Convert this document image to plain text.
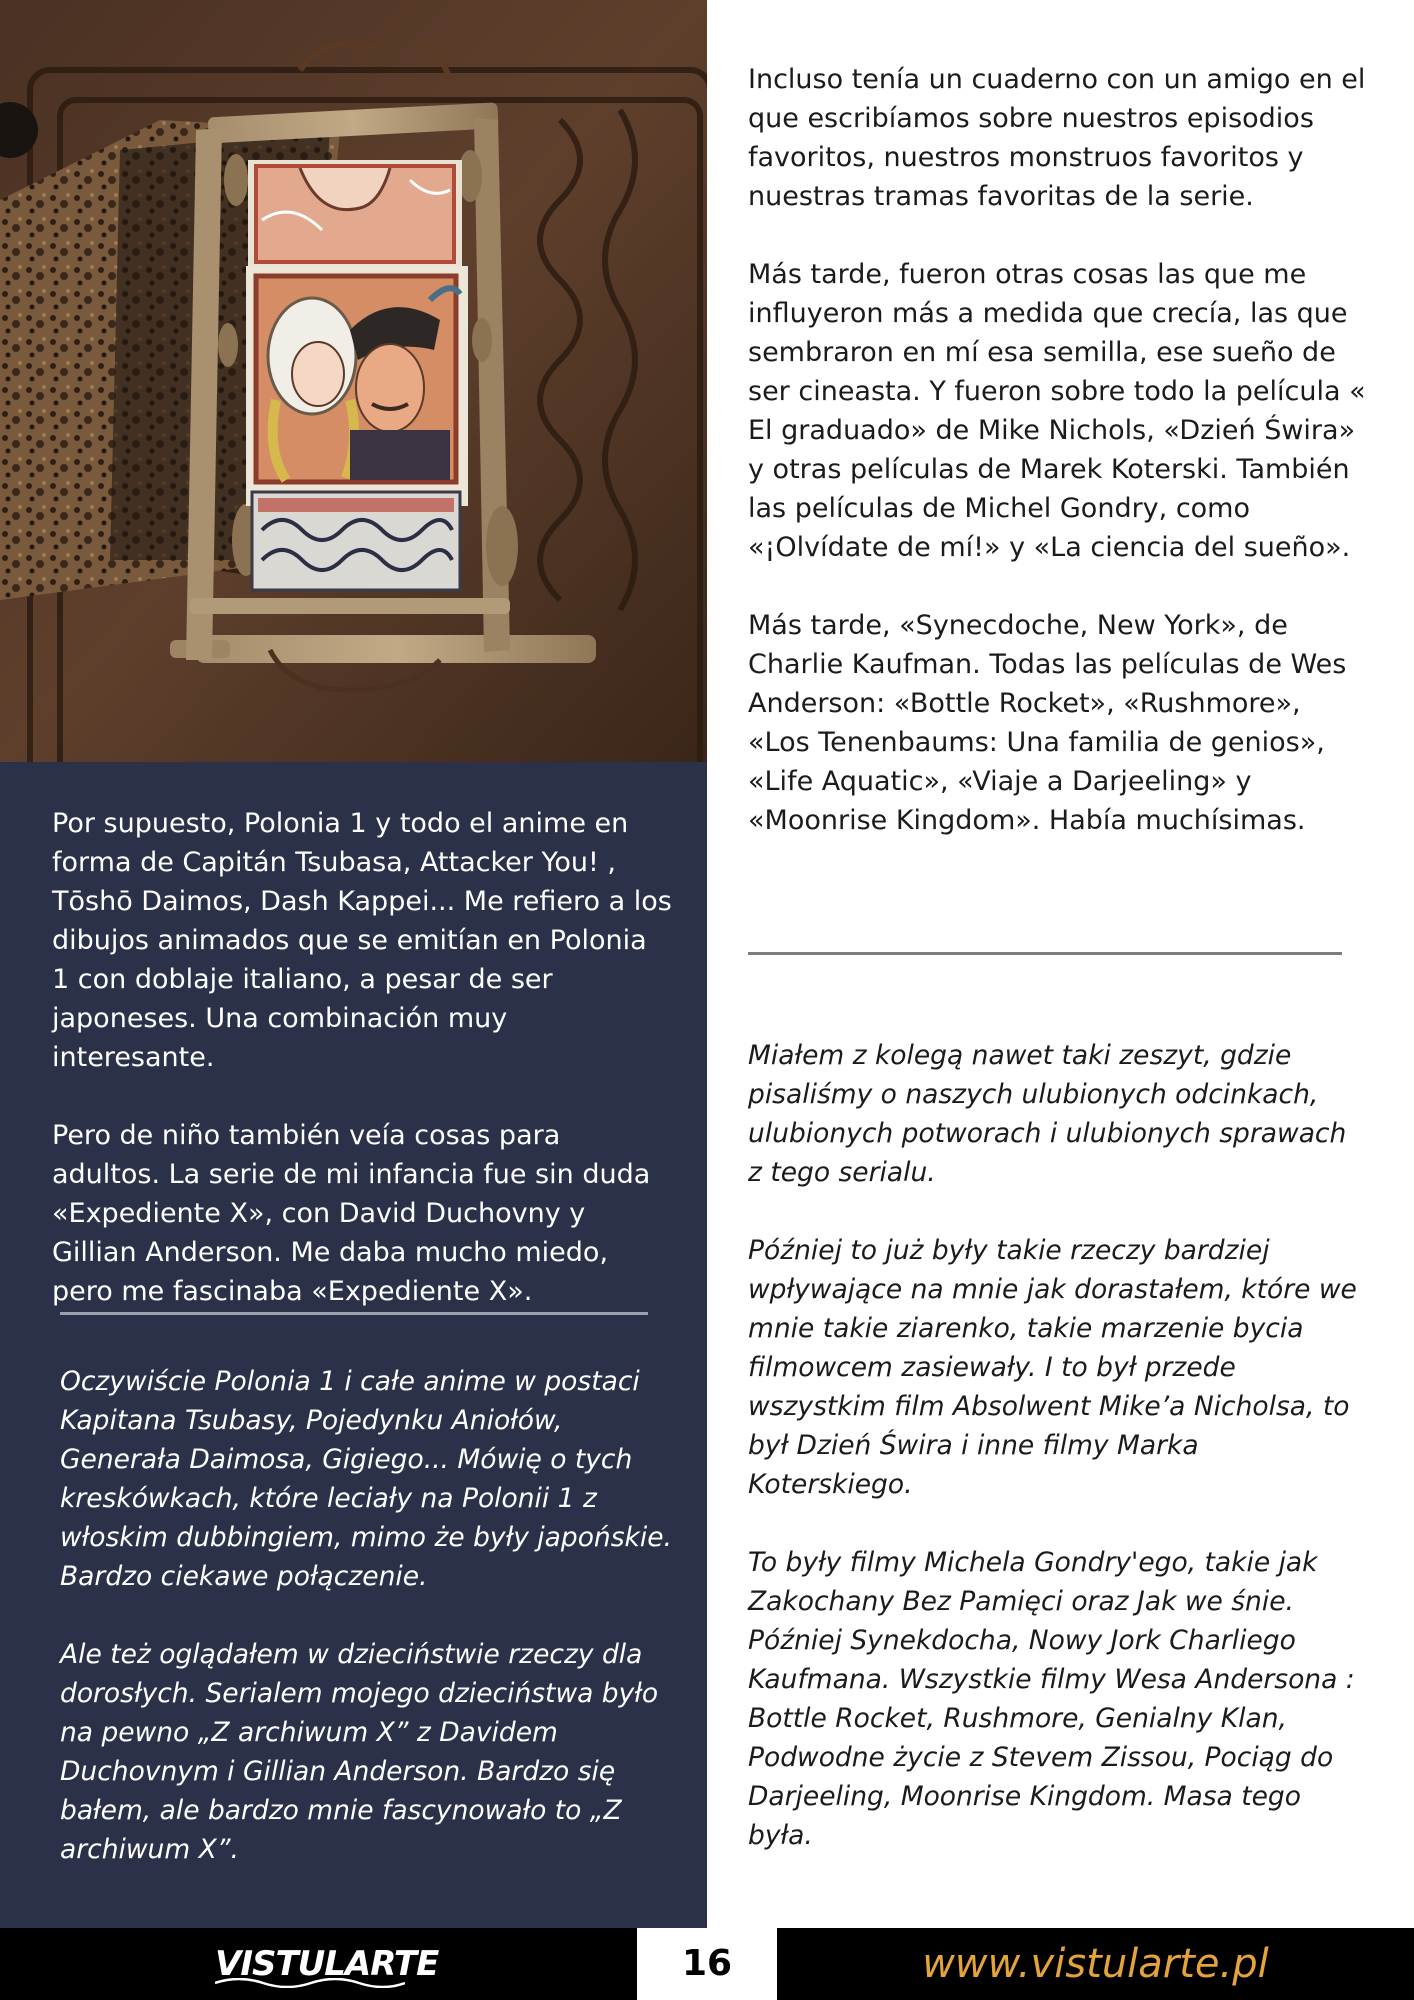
Por supuesto, Polonia 1 y todo el anime en forma de Capitán Tsubasa, Attacker You! , Tōshō Daimos, Dash Kappei... Me refiero a los dibujos animados que se emitían en Polonia 1 con doblaje italiano, a pesar de ser japoneses. Una combinación muy interesante.

Pero de niño también veía cosas para adultos. La serie de mi infancia fue sin duda «Expediente X», con David Duchovny y Gillian Anderson. Me daba mucho miedo, pero me fascinaba «Expediente X».

Oczywiście Polonia 1 i całe anime w postaci Kapitana Tsubasy, Pojedynku Aniołów, Generała Daimosa, Gigiego... Mówię o tych kreskówkach, które leciały na Polonii 1 z włoskim dubbingiem, mimo że były japońskie. Bardzo ciekawe połączenie.

Ale też oglądałem w dzieciństwie rzeczy dla dorosłych. Serialem mojego dzieciństwa było na pewno „Z archiwum X” z Davidem Duchovnym i Gillian Anderson. Bardzo się bałem, ale bardzo mnie fascynowało to „Z archiwum X”.

Incluso tenía un cuaderno con un amigo en el que escribíamos sobre nuestros episodios favoritos, nuestros monstruos favoritos y nuestras tramas favoritas de la serie.

Más tarde, fueron otras cosas las que me influyeron más a medida que crecía, las que sembraron en mí esa semilla, ese sueño de ser cineasta. Y fueron sobre todo la película « El graduado» de Mike Nichols, «Dzień Świra» y otras películas de Marek Koterski. También las películas de Michel Gondry, como «¡Olvídate de mí!» y «La ciencia del sueño».

Más tarde, «Synecdoche, New York», de Charlie Kaufman. Todas las películas de Wes Anderson: «Bottle Rocket», «Rushmore», «Los Tenenbaums: Una familia de genios», «Life Aquatic», «Viaje a Darjeeling» y «Moonrise Kingdom». Había muchísimas.

Miałem z kolegą nawet taki zeszyt, gdzie pisaliśmy o naszych ulubionych odcinkach, ulubionych potworach i ulubionych sprawach z tego serialu.

Później to już były takie rzeczy bardziej wpływające na mnie jak dorastałem, które we mnie takie ziarenko, takie marzenie bycia filmowcem zasiewały. I to był przede wszystkim film Absolwent Mike’a Nicholsa, to był Dzień Świra i inne filmy Marka Koterskiego.

To były filmy Michela Gondry'ego, takie jak Zakochany Bez Pamięci oraz Jak we śnie. Później Synekdocha, Nowy Jork Charliego Kaufmana. Wszystkie filmy Wesa Andersona : Bottle Rocket, Rushmore, Genialny Klan, Podwodne życie z Stevem Zissou, Pociąg do Darjeeling, Moonrise Kingdom. Masa tego była.

VISTULARTE	16	www.vistularte.pl
